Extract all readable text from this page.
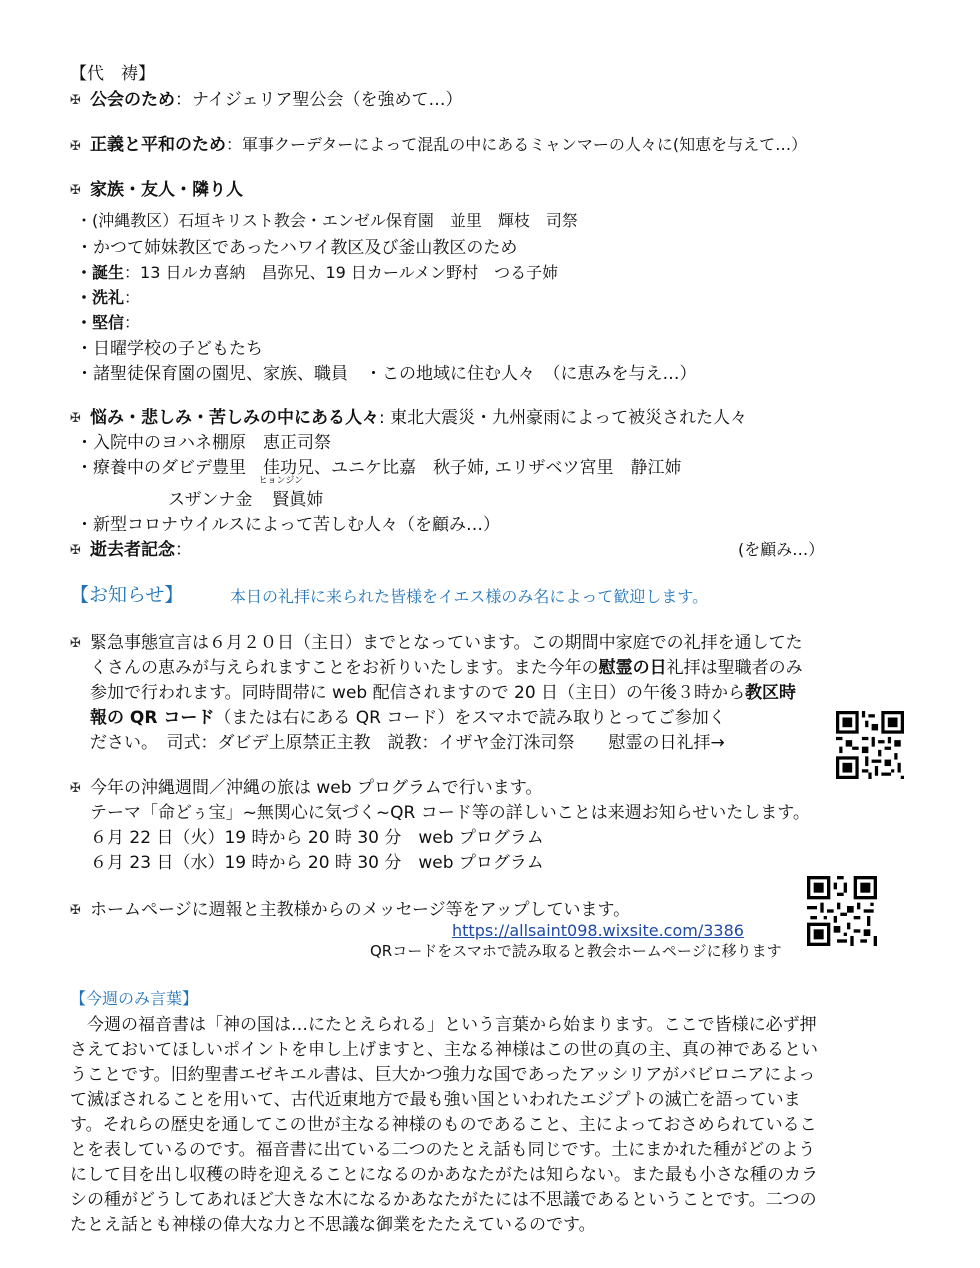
【代　祷】
✠ 公会のため：ナイジェリア聖公会（を強めて…）
✠ 正義と平和のため：軍事クーデターによって混乱の中にあるミャンマーの人々に(知恵を与えて…）
✠ 家族・友人・隣り人
・(沖縄教区）石垣キリスト教会・エンゼル保育園　並里　輝枝　司祭
・かつて姉妹教区であったハワイ教区及び釜山教区のため
・誕生：13 日ルカ喜納　昌弥兄、19 日カールメン野村　つる子姉
・洗礼：
・堅信：
・日曜学校の子どもたち
・諸聖徒保育園の園児、家族、職員　・この地域に住む人々　（に恵みを与え…）
✠ 悩み・悲しみ・苦しみの中にある人々: 東北大震災・九州豪雨によって被災された人々
・入院中のヨハネ棚原　恵正司祭
・療養中のダビデ豊里　佳功兄、ユニケ比嘉　秋子姉, エリザベツ宮里　静江姉
スザンナ金
ヒョンジン
賢眞姉
・新型コロナウイルスによって苦しむ人々（を顧み…）
✠ 逝去者記念：	(を顧み…）
【お知らせ】	本日の礼拝に来られた皆様をイエス様のみ名によって歓迎します。
✠ 緊急事態宣言は６月２０日（主日）までとなっています。この期間中家庭での礼拝を通してた
くさんの恵みが与えられますことをお祈りいたします。また今年の慰霊の日礼拝は聖職者のみ
参加で行われます。同時間帯に web 配信されますので 20 日（主日）の午後３時から教区時
報の QR コード（または右にある QR コード）をスマホで読み取りとってご参加く
ださい。　司式：ダビデ上原禁正主教　説教：イザヤ金汀洙司祭　　慰霊の日礼拝→
✠ 今年の沖縄週間／沖縄の旅は web プログラムで行います。
テーマ「命どぅ宝」~無関心に気づく~QR コード等の詳しいことは来週お知らせいたします。
６月 22 日（火）19 時から 20 時 30 分　web プログラム
６月 23 日（水）19 時から 20 時 30 分　web プログラム
✠ ホームページに週報と主教様からのメッセージ等をアップしています。
https://allsaint098.wixsite.com/3386
QRコードをスマホで読み取ると教会ホームページに移ります
【今週のみ言葉】
　今週の福音書は「神の国は…にたとえられる」という言葉から始まります。ここで皆様に必ず押
さえておいてほしいポイントを申し上げますと、主なる神様はこの世の真の主、真の神であるとい
うことです。旧約聖書エゼキエル書は、巨大かつ強力な国であったアッシリアがバビロニアによっ
て滅ぼされることを用いて、古代近東地方で最も強い国といわれたエジプトの滅亡を語っていま
す。それらの歴史を通してこの世が主なる神様のものであること、主によっておさめられているこ
とを表しているのです。福音書に出ている二つのたとえ話も同じです。土にまかれた種がどのよう
にして目を出し収穫の時を迎えることになるのかあなたがたは知らない。また最も小さな種のカラ
シの種がどうしてあれほど大きな木になるかあなたがたには不思議であるということです。二つの
たとえ話とも神様の偉大な力と不思議な御業をたたえているのです。
